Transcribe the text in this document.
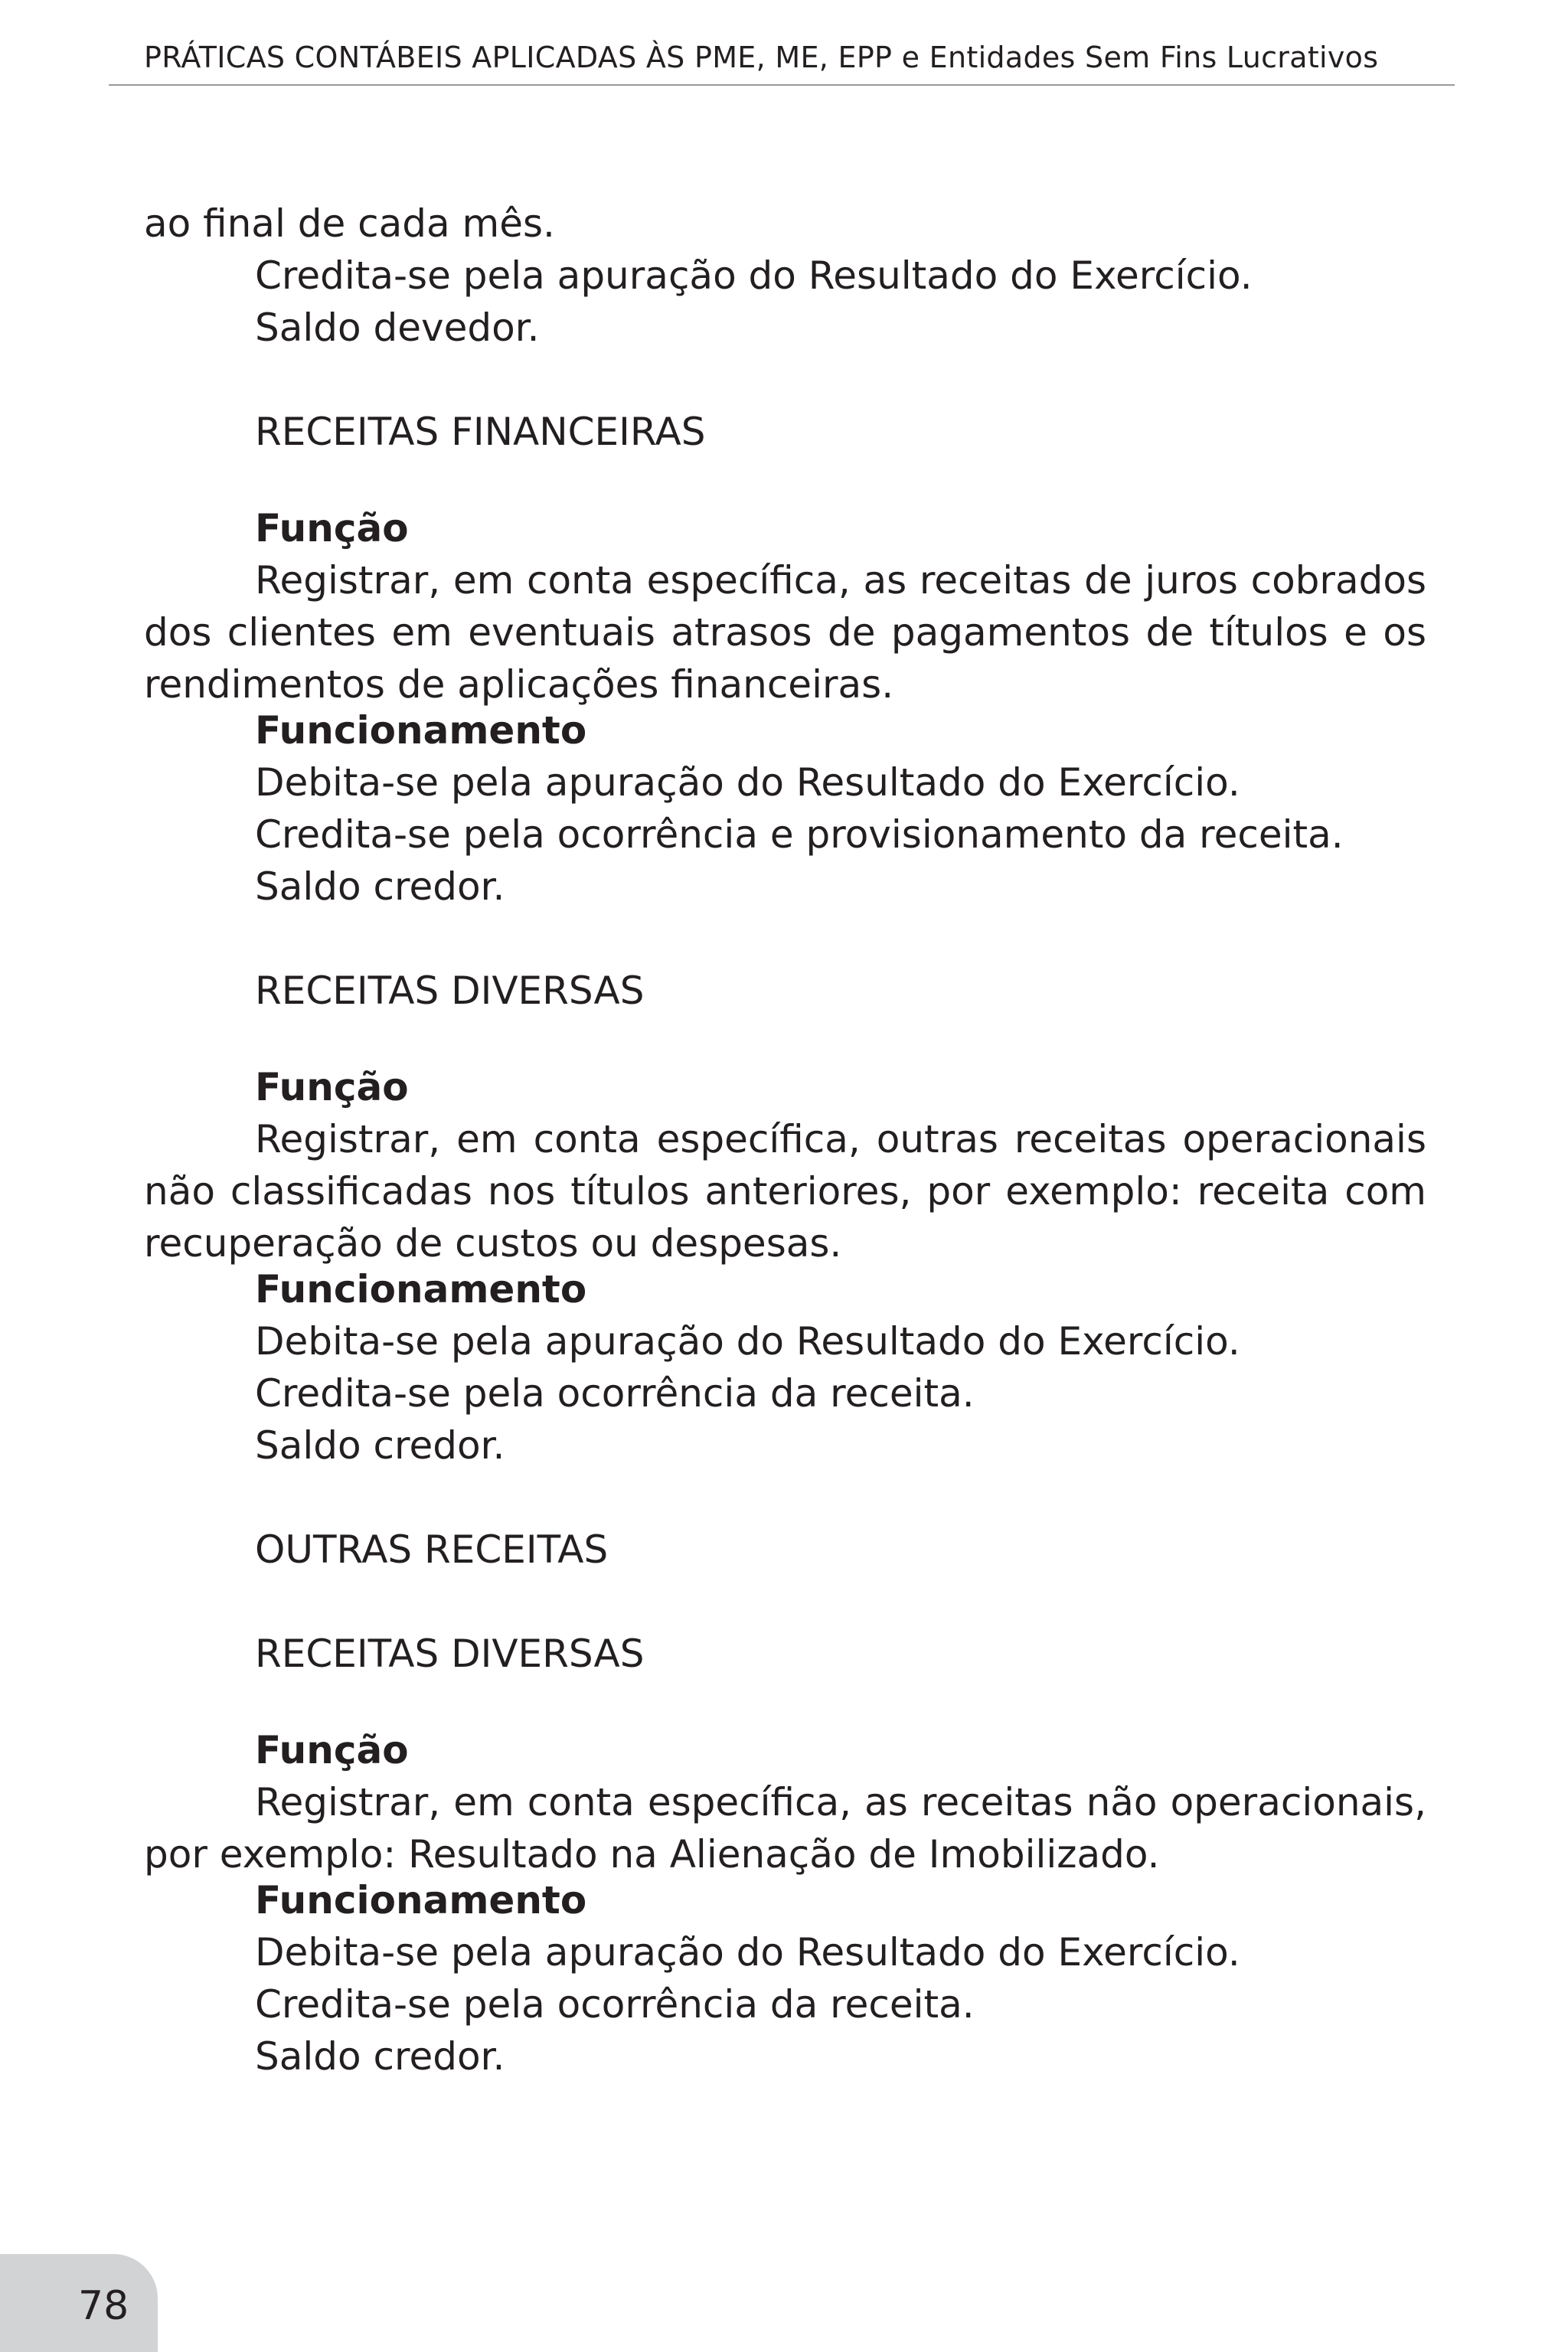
PRÁTICAS CONTÁBEIS APLICADAS ÀS PME, ME, EPP e Entidades Sem Fins Lucrativos
ao final de cada mês.
Credita-se pela apuração do Resultado do Exercício.
Saldo devedor.
RECEITAS FINANCEIRAS
Função

Registrar, em conta específica, as receitas de juros cobrados dos clientes em eventuais atrasos de pagamentos de títulos e os rendimentos de aplicações financeiras.

Funcionamento
Debita-se pela apuração do Resultado do Exercício.
Credita-se pela ocorrência e provisionamento da receita.
Saldo credor.
RECEITAS DIVERSAS
Função

Registrar, em conta específica, outras receitas operacionais não classificadas nos títulos anteriores, por exemplo: receita com recuperação de custos ou despesas.

Funcionamento
Debita-se pela apuração do Resultado do Exercício.
Credita-se pela ocorrência da receita.
Saldo credor.
OUTRAS RECEITAS
RECEITAS DIVERSAS
Função

Registrar, em conta específica, as receitas não operacionais, por exemplo: Resultado na Alienação de Imobilizado.

Funcionamento
Debita-se pela apuração do Resultado do Exercício.
Credita-se pela ocorrência da receita.
Saldo credor.
78
